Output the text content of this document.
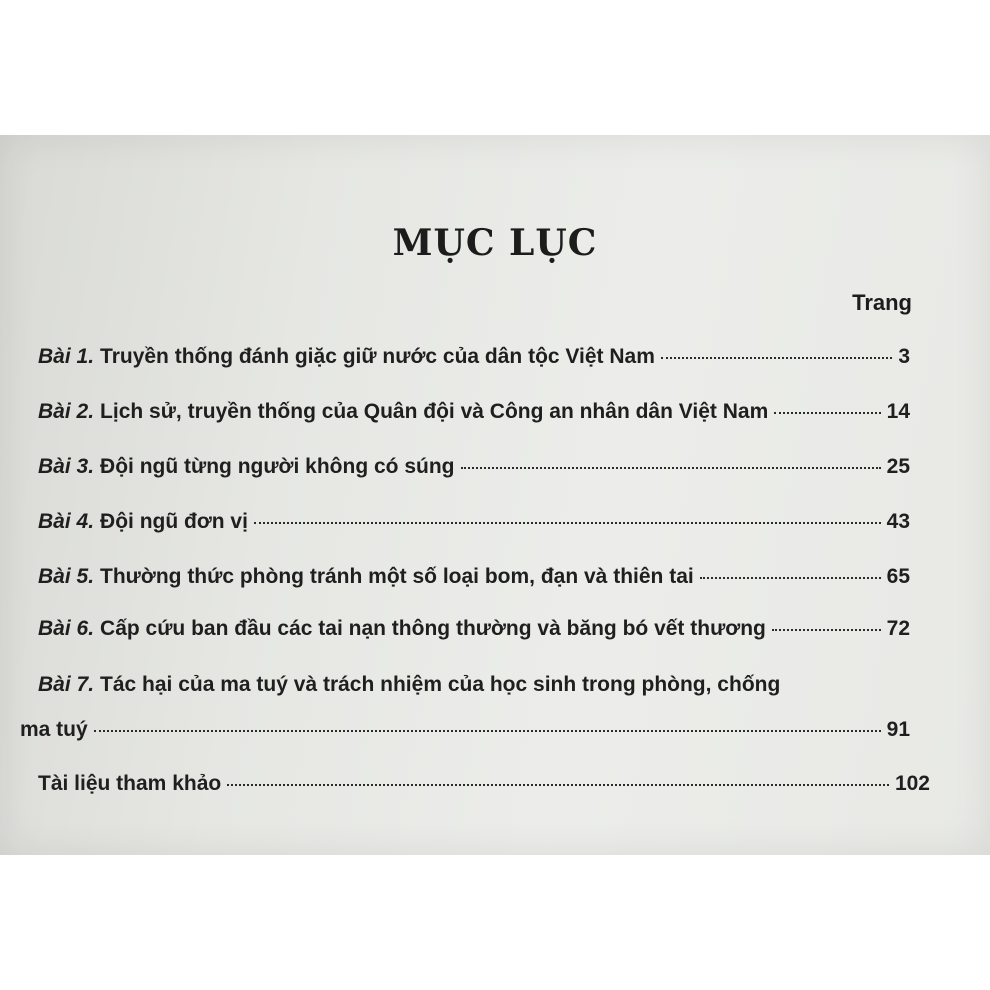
MỤC LỤC
Trang
Bài 1. Truyền thống đánh giặc giữ nước của dân tộc Việt Nam	3
Bài 2. Lịch sử, truyền thống của Quân đội và Công an nhân dân Việt Nam	14
Bài 3. Đội ngũ từng người không có súng	25
Bài 4. Đội ngũ đơn vị	43
Bài 5. Thường thức phòng tránh một số loại bom, đạn và thiên tai	65
Bài 6. Cấp cứu ban đầu các tai nạn thông thường và băng bó vết thương	72
Bài 7. Tác hại của ma tuý và trách nhiệm của học sinh trong phòng, chống
ma tuý	91
Tài liệu tham khảo	102
